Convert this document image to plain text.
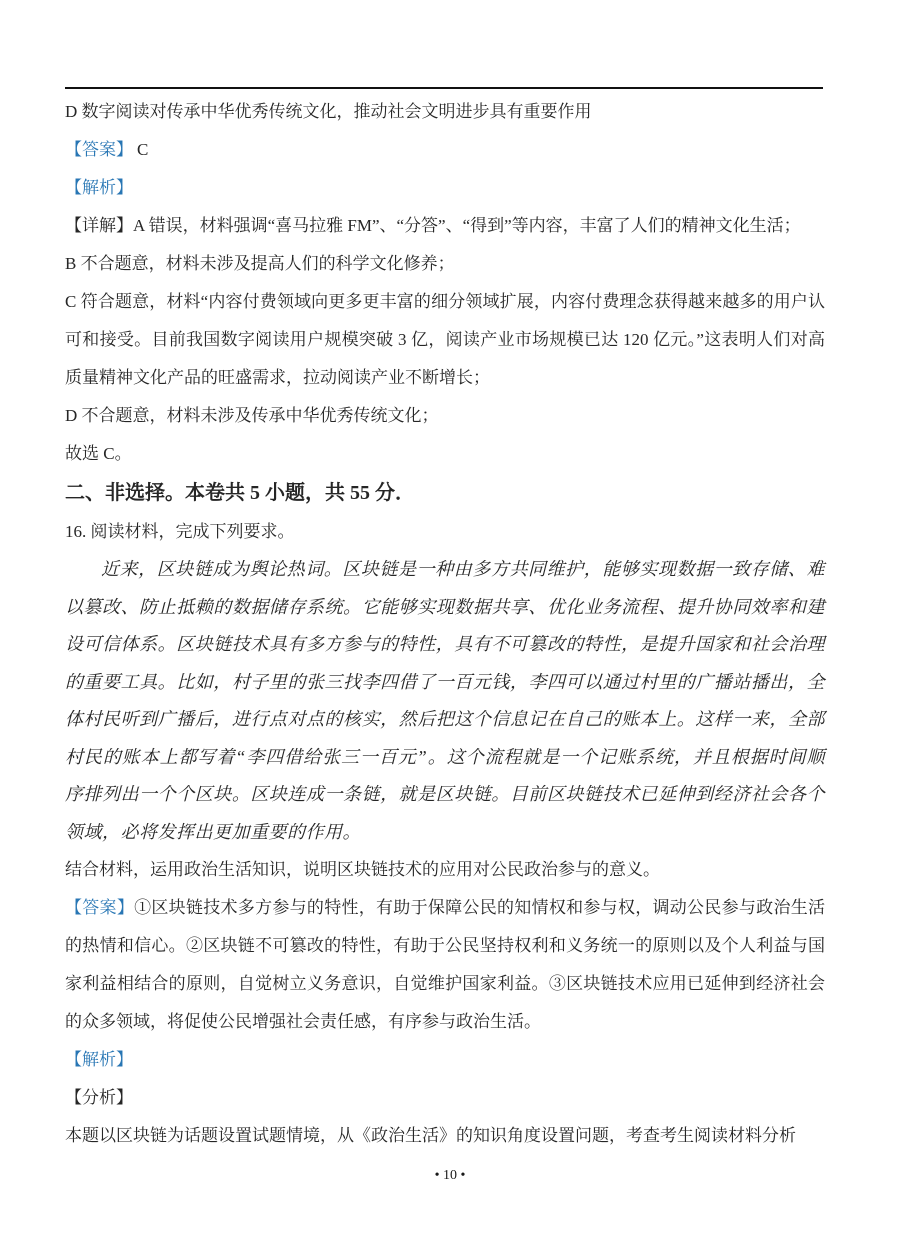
D 数字阅读对传承中华优秀传统文化，推动社会文明进步具有重要作用

【答案】 C

【解析】

【详解】A 错误，材料强调“喜马拉雅 FM”、“分答”、“得到”等内容，丰富了人们的精神文化生活；

B 不合题意，材料未涉及提高人们的科学文化修养；

C 符合题意，材料“内容付费领域向更多更丰富的细分领域扩展，内容付费理念获得越来越多的用户认可和接受。目前我国数字阅读用户规模突破 3 亿，阅读产业市场规模已达 120 亿元。”这表明人们对高质量精神文化产品的旺盛需求，拉动阅读产业不断增长；

D 不合题意，材料未涉及传承中华优秀传统文化；

故选 C。

二、非选择。本卷共 5 小题，共 55 分．

16. 阅读材料，完成下列要求。

近来，区块链成为舆论热词。区块链是一种由多方共同维护，能够实现数据一致存储、难以篡改、防止抵赖的数据储存系统。它能够实现数据共享、优化业务流程、提升协同效率和建设可信体系。区块链技术具有多方参与的特性，具有不可篡改的特性，是提升国家和社会治理的重要工具。比如，村子里的张三找李四借了一百元钱，李四可以通过村里的广播站播出，全体村民听到广播后，进行点对点的核实，然后把这个信息记在自己的账本上。这样一来，全部村民的账本上都写着“李四借给张三一百元”。这个流程就是一个记账系统，并且根据时间顺序排列出一个个区块。区块连成一条链，就是区块链。目前区块链技术已延伸到经济社会各个领域，必将发挥出更加重要的作用。

结合材料，运用政治生活知识，说明区块链技术的应用对公民政治参与的意义。

【答案】①区块链技术多方参与的特性，有助于保障公民的知情权和参与权，调动公民参与政治生活的热情和信心。②区块链不可篡改的特性，有助于公民坚持权利和义务统一的原则以及个人利益与国家利益相结合的原则，自觉树立义务意识，自觉维护国家利益。③区块链技术应用已延伸到经济社会的众多领域，将促使公民增强社会责任感，有序参与政治生活。

【解析】

【分析】

本题以区块链为话题设置试题情境，从《政治生活》的知识角度设置问题，考查考生阅读材料分析

• 10 •
